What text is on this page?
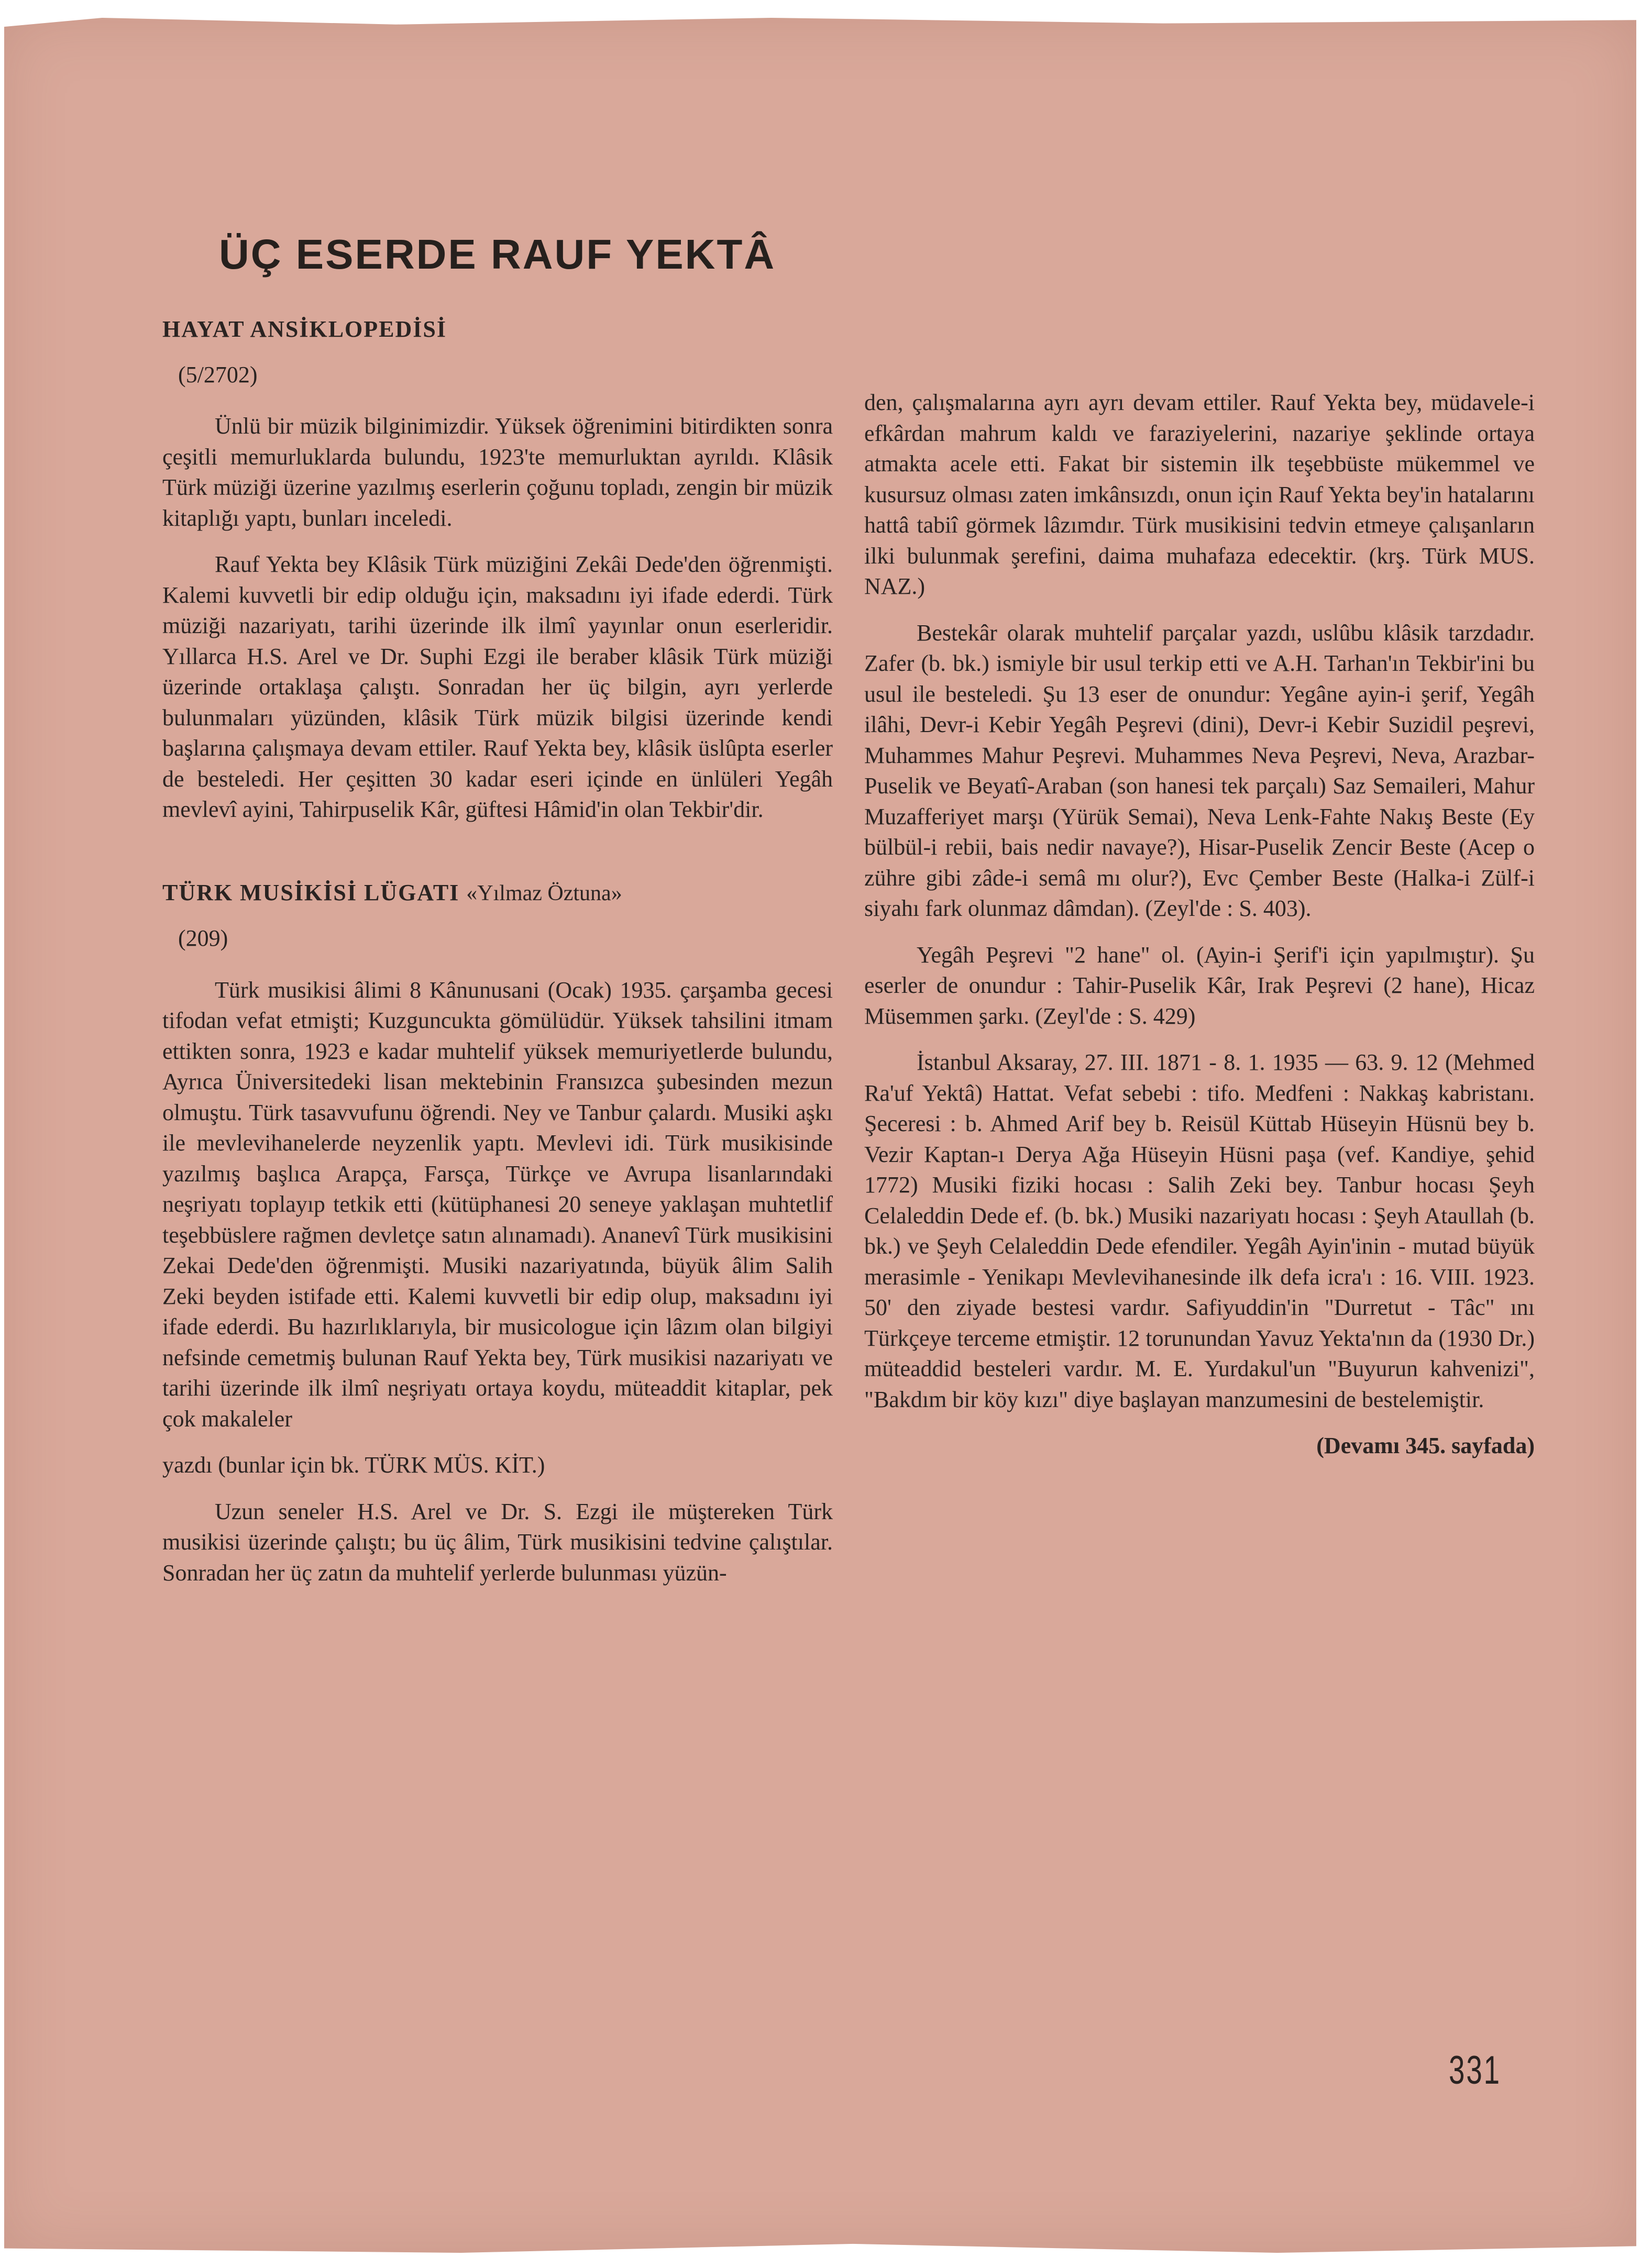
ÜÇ ESERDE RAUF YEKTÂ
HAYAT ANSİKLOPEDİSİ
(5/2702)

Ünlü bir müzik bilginimizdir. Yüksek öğrenimini bitirdikten sonra çeşitli memurluklarda bulundu, 1923'te memurluktan ayrıldı. Klâsik Türk müziği üzerine yazılmış eserlerin çoğunu topladı, zengin bir müzik kitaplığı yaptı, bunları inceledi.

Rauf Yekta bey Klâsik Türk müziğini Zekâi Dede'den öğrenmişti. Kalemi kuvvetli bir edip olduğu için, maksadını iyi ifade ederdi. Türk müziği nazariyatı, tarihi üzerinde ilk ilmî yayınlar onun eserleridir. Yıllarca H.S. Arel ve Dr. Suphi Ezgi ile beraber klâsik Türk müziği üzerinde ortaklaşa çalıştı. Sonradan her üç bilgin, ayrı yerlerde bulunmaları yüzünden, klâsik Türk müzik bilgisi üzerinde kendi başlarına çalışmaya devam ettiler. Rauf Yekta bey, klâsik üslûpta eserler de besteledi. Her çeşitten 30 kadar eseri içinde en ünlüleri Yegâh mevlevî ayini, Tahirpuselik Kâr, güftesi Hâmid'in olan Tekbir'dir.

TÜRK MUSİKİSİ LÜGATI «Yılmaz Öztuna»
(209)

Türk musikisi âlimi 8 Kânunusani (Ocak) 1935. çarşamba gecesi tifodan vefat etmişti; Kuzguncukta gömülüdür. Yüksek tahsilini itmam ettikten sonra, 1923 e kadar muhtelif yüksek memuriyetlerde bulundu, Ayrıca Üniversitedeki lisan mektebinin Fransızca şubesinden mezun olmuştu. Türk tasavvufunu öğrendi. Ney ve Tanbur çalardı. Musiki aşkı ile mevlevihanelerde neyzenlik yaptı. Mevlevi idi. Türk musikisinde yazılmış başlıca Arapça, Farsça, Türkçe ve Avrupa lisanlarındaki neşriyatı toplayıp tetkik etti (kütüphanesi 20 seneye yaklaşan muhtetlif teşebbüslere rağmen devletçe satın alınamadı). Ananevî Türk musikisini Zekai Dede'den öğrenmişti. Musiki nazariyatında, büyük âlim Salih Zeki beyden istifade etti. Kalemi kuvvetli bir edip olup, maksadını iyi ifade ederdi. Bu hazırlıklarıyla, bir musicologue için lâzım olan bilgiyi nefsinde cemetmiş bulunan Rauf Yekta bey, Türk musikisi nazariyatı ve tarihi üzerinde ilk ilmî neşriyatı ortaya koydu, müteaddit kitaplar, pek çok makaleler

yazdı (bunlar için bk. TÜRK MÜS. KİT.)

Uzun seneler H.S. Arel ve Dr. S. Ezgi ile müştereken Türk musikisi üzerinde çalıştı; bu üç âlim, Türk musikisini tedvine çalıştılar. Sonradan her üç zatın da muhtelif yerlerde bulunması yüzün-

den, çalışmalarına ayrı ayrı devam ettiler. Rauf Yekta bey, müdavele-i efkârdan mahrum kaldı ve faraziyelerini, nazariye şeklinde ortaya atmakta acele etti. Fakat bir sistemin ilk teşebbüste mükemmel ve kusursuz olması zaten imkânsızdı, onun için Rauf Yekta bey'in hatalarını hattâ tabiî görmek lâzımdır. Türk musikisini tedvin etmeye çalışanların ilki bulunmak şerefini, daima muhafaza edecektir. (krş. Türk MUS. NAZ.)

Bestekâr olarak muhtelif parçalar yazdı, uslûbu klâsik tarzdadır. Zafer (b. bk.) ismiyle bir usul terkip etti ve A.H. Tarhan'ın Tekbir'ini bu usul ile besteledi. Şu 13 eser de onundur: Yegâne ayin-i şerif, Yegâh ilâhi, Devr-i Kebir Yegâh Peşrevi (dini), Devr-i Kebir Suzidil peşrevi, Muhammes Mahur Peşrevi. Muhammes Neva Peşrevi, Neva, Arazbar-Puselik ve Beyatî-Araban (son hanesi tek parçalı) Saz Semaileri, Mahur Muzafferiyet marşı (Yürük Semai), Neva Lenk-Fahte Nakış Beste (Ey bülbül-i rebii, bais nedir navaye?), Hisar-Puselik Zencir Beste (Acep o zühre gibi zâde-i semâ mı olur?), Evc Çember Beste (Halka-i Zülf-i siyahı fark olunmaz dâmdan). (Zeyl'de : S. 403).

Yegâh Peşrevi "2 hane" ol. (Ayin-i Şerif'i için yapılmıştır). Şu eserler de onundur : Tahir-Puselik Kâr, Irak Peşrevi (2 hane), Hicaz Müsemmen şarkı. (Zeyl'de : S. 429)

İstanbul Aksaray, 27. III. 1871 - 8. 1. 1935 — 63. 9. 12 (Mehmed Ra'uf Yektâ) Hattat. Vefat sebebi : tifo. Medfeni : Nakkaş kabristanı. Şeceresi : b. Ahmed Arif bey b. Reisül Küttab Hüseyin Hüsnü bey b. Vezir Kaptan-ı Derya Ağa Hüseyin Hüsni paşa (vef. Kandiye, şehid 1772) Musiki fiziki hocası : Salih Zeki bey. Tanbur hocası Şeyh Celaleddin Dede ef. (b. bk.) Musiki nazariyatı hocası : Şeyh Ataullah (b. bk.) ve Şeyh Celaleddin Dede efendiler. Yegâh Ayin'inin - mutad büyük merasimle - Yenikapı Mevlevihanesinde ilk defa icra'ı : 16. VIII. 1923. 50' den ziyade bestesi vardır. Safiyuddin'in "Durretut - Tâc" ını Türkçeye terceme etmiştir. 12 torunundan Yavuz Yekta'nın da (1930 Dr.) müteaddid besteleri vardır. M. E. Yurdakul'un "Buyurun kahvenizi", "Bakdım bir köy kızı" diye başlayan manzumesini de bestelemiştir.

(Devamı 345. sayfada)
331
